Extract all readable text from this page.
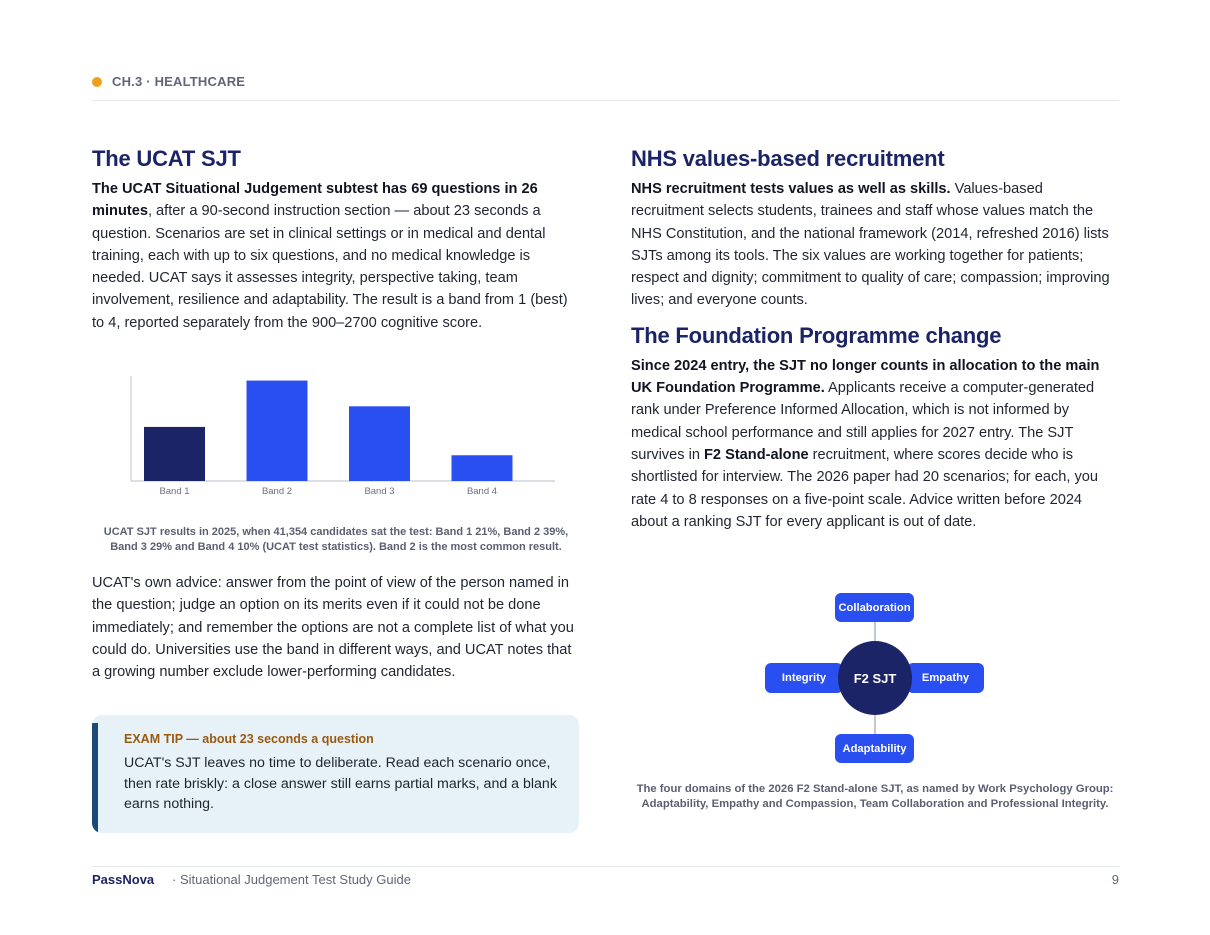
CH.3 · HEALTHCARE
The UCAT SJT

The UCAT Situational Judgement subtest has 69 questions in 26 minutes, after a 90-second instruction section — about 23 seconds a question. Scenarios are set in clinical settings or in medical and dental training, each with up to six questions, and no medical knowledge is needed. UCAT says it assesses integrity, perspective taking, team involvement, resilience and adaptability. The result is a band from 1 (best) to 4, reported separately from the 900–2700 cognitive score.

Band 1	Band 2	Band 3	Band 4
UCAT SJT results in 2025, when 41,354 candidates sat the test: Band 1 21%, Band 2 39%, Band 3 29% and Band 4 10% (UCAT test statistics). Band 2 is the most common result.

UCAT's own advice: answer from the point of view of the person named in the question; judge an option on its merits even if it could not be done immediately; and remember the options are not a complete list of what you could do. Universities use the band in different ways, and UCAT notes that a growing number exclude lower-performing candidates.

EXAM TIP — about 23 seconds a question
UCAT's SJT leaves no time to deliberate. Read each scenario once, then rate briskly: a close answer still earns partial marks, and a blank earns nothing.
NHS values-based recruitment

NHS recruitment tests values as well as skills. Values-based recruitment selects students, trainees and staff whose values match the NHS Constitution, and the national framework (2014, refreshed 2016) lists SJTs among its tools. The six values are working together for patients; respect and dignity; commitment to quality of care; compassion; improving lives; and everyone counts.

The Foundation Programme change

Since 2024 entry, the SJT no longer counts in allocation to the main UK Foundation Programme. Applicants receive a computer-generated rank under Preference Informed Allocation, which is not informed by medical school performance and still applies for 2027 entry. The SJT survives in F2 Stand-alone recruitment, where scores decide who is shortlisted for interview. The 2026 paper had 20 scenarios; for each, you rate 4 to 8 responses on a five-point scale. Advice written before 2024 about a ranking SJT for every applicant is out of date.

Collaboration
Integrity	Empathy
Adaptability
F2 SJT
The four domains of the 2026 F2 Stand-alone SJT, as named by Work Psychology Group: Adaptability, Empathy and Compassion, Team Collaboration and Professional Integrity.
PassNova · Situational Judgement Test Study Guide	9
